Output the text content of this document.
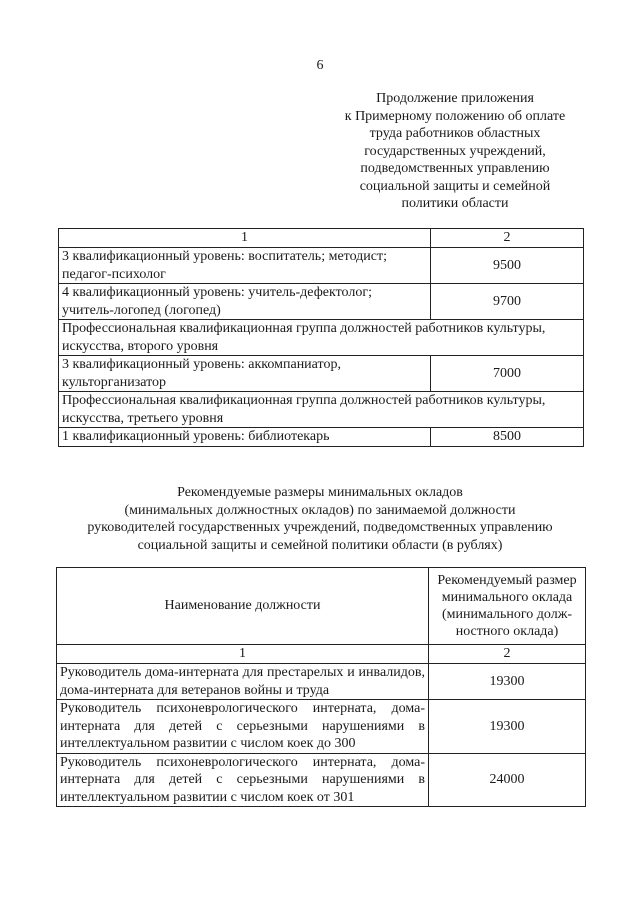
6
Продолжение приложения
к Примерному положению об оплате
труда работников областных
государственных учреждений,
подведомственных управлению
социальной защиты и семейной
политики области
1	2
3 квалификационный уровень: воспитатель; методист; педагог-психолог	9500
4 квалификационный уровень: учитель-дефектолог; учитель-логопед (логопед)	9700
Профессиональная квалификационная группа должностей работников культуры, искусства, второго уровня	
3 квалификационный уровень: аккомпаниатор, культорганизатор	7000
Профессиональная квалификационная группа должностей работников культуры, искусства, третьего уровня	
1 квалификационный уровень: библиотекарь	8500
Рекомендуемые размеры минимальных окладов
(минимальных должностных окладов) по занимаемой должности
руководителей государственных учреждений, подведомственных управлению
социальной защиты и семейной политики области (в рублях)
Наименование должности	Рекомендуемый размер
минимального оклада
(минимального долж-
ностного оклада)

1	2
Руководитель дома-интерната для престарелых и инвалидов, дома-интерната для ветеранов войны и труда	19300
Руководитель психоневрологического интерната, дома-интерната для детей с серьезными нарушениями в интеллектуальном развитии с числом коек до 300	19300
Руководитель психоневрологического интерната, дома-интерната для детей с серьезными нарушениями в интеллектуальном развитии с числом коек от 301	24000
